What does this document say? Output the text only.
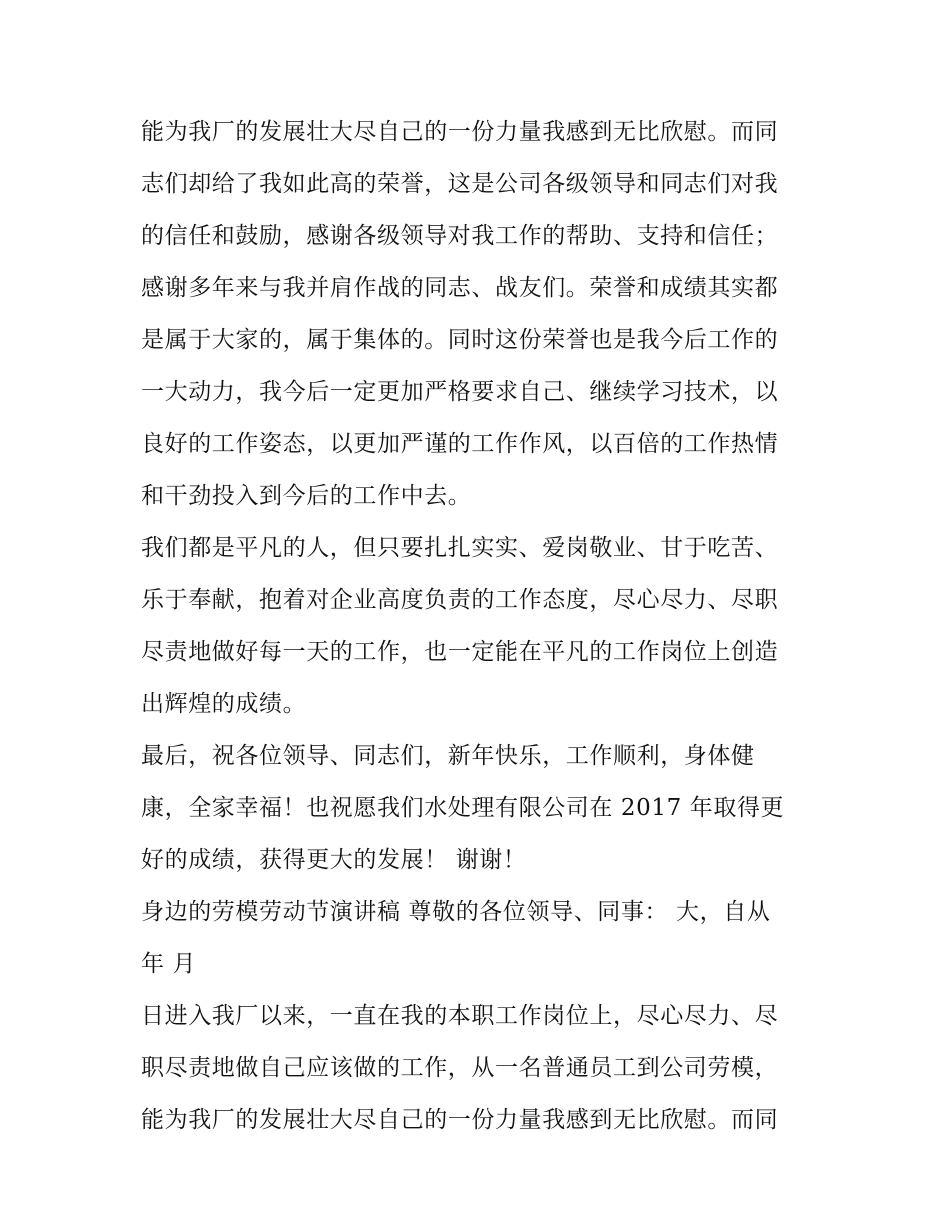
能为我厂的发展壮大尽自己的一份力量我感到无比欣慰。而同
志们却给了我如此高的荣誉，这是公司各级领导和同志们对我
的信任和鼓励，感谢各级领导对我工作的帮助、支持和信任；
感谢多年来与我并肩作战的同志、战友们。荣誉和成绩其实都
是属于大家的，属于集体的。同时这份荣誉也是我今后工作的
一大动力，我今后一定更加严格要求自己、继续学习技术，以
良好的工作姿态，以更加严谨的工作作风，以百倍的工作热情
和干劲投入到今后的工作中去。
我们都是平凡的人，但只要扎扎实实、爱岗敬业、甘于吃苦、
乐于奉献，抱着对企业高度负责的工作态度，尽心尽力、尽职
尽责地做好每一天的工作，也一定能在平凡的工作岗位上创造
出辉煌的成绩。
最后，祝各位领导、同志们，新年快乐，工作顺利，身体健
康，全家幸福！也祝愿我们水处理有限公司在 2017 年取得更
好的成绩，获得更大的发展！ 谢谢！
身边的劳模劳动节演讲稿 尊敬的各位领导、同事： 大，自从
年 月
日进入我厂以来，一直在我的本职工作岗位上，尽心尽力、尽
职尽责地做自己应该做的工作，从一名普通员工到公司劳模，
能为我厂的发展壮大尽自己的一份力量我感到无比欣慰。而同
